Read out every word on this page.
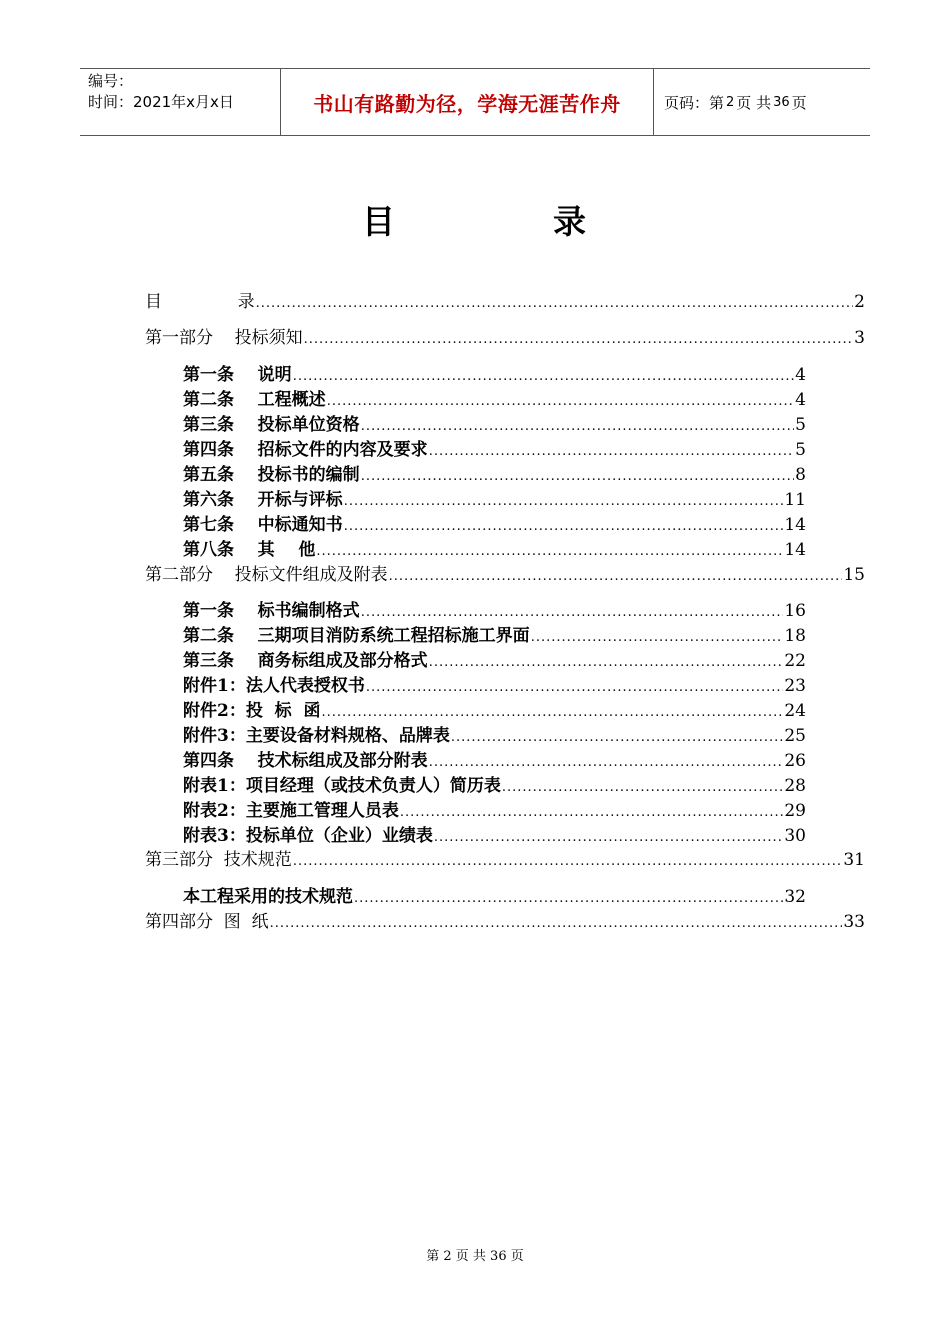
编号：
时间：2021年x月x日	书山有路勤为径，学海无涯苦作舟	页码：第 2 页 共 36 页
目	录
目              录 .....	2
第一部分    投标须知 .....	3
第一条    说明 .....	4
第二条    工程概述 .....	4
第三条    投标单位资格 .....	5
第四条    招标文件的内容及要求 .....	5
第五条    投标书的编制 .....	8
第六条    开标与评标 .....	11
第七条    中标通知书 .....	14
第八条    其    他 .....	14
第二部分    投标文件组成及附表 .....	15
第一条    标书编制格式 .....	16
第二条    三期项目消防系统工程招标施工界面 .....	18
第三条    商务标组成及部分格式 .....	22
附件1：法人代表授权书 .....	23
附件2：投  标  函 .....	24
附件3：主要设备材料规格、品牌表 .....	25
第四条    技术标组成及部分附表 .....	26
附表1：项目经理（或技术负责人）简历表 .....	28
附表2：主要施工管理人员表 .....	29
附表3：投标单位（企业）业绩表 .....	30
第三部分  技术规范 .....	31
本工程采用的技术规范 .....	32
第四部分  图  纸 .....	33
第 2 页 共 36 页
